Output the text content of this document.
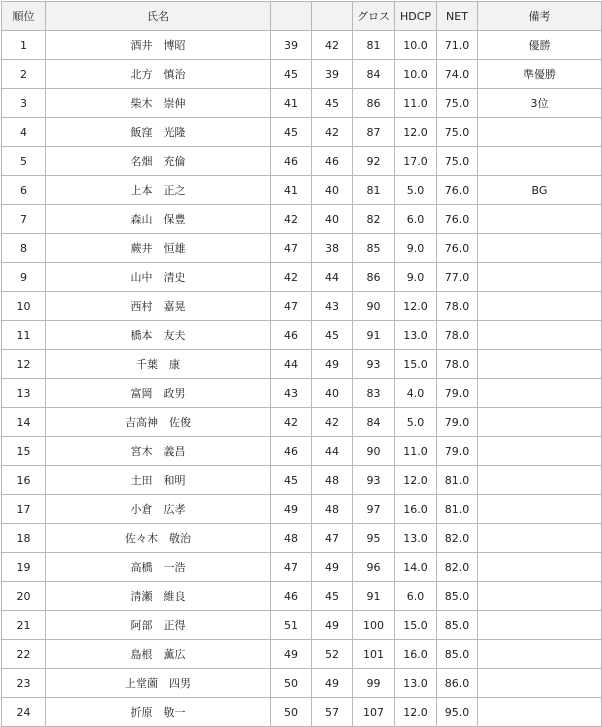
順位	氏名			グロス	HDCP	NET	備考
1	酒井　博昭	39	42	81	10.0	71.0	優勝
2	北方　慎治	45	39	84	10.0	74.0	準優勝
3	柴木　崇伸	41	45	86	11.0	75.0	3位
4	飯窪　光隆	45	42	87	12.0	75.0	
5	名畑　充倫	46	46	92	17.0	75.0	
6	上本　正之	41	40	81	5.0	76.0	BG
7	森山　保豊	42	40	82	6.0	76.0	
8	蕨井　恒雄	47	38	85	9.0	76.0	
9	山中　清史	42	44	86	9.0	77.0	
10	西村　嘉晃	47	43	90	12.0	78.0	
11	橋本　友夫	46	45	91	13.0	78.0	
12	千葉　康	44	49	93	15.0	78.0	
13	富岡　政男	43	40	83	4.0	79.0	
14	吉高神　佐俊	42	42	84	5.0	79.0	
15	宮木　義昌	46	44	90	11.0	79.0	
16	土田　和明	45	48	93	12.0	81.0	
17	小倉　広孝	49	48	97	16.0	81.0	
18	佐々木　敬治	48	47	95	13.0	82.0	
19	高橋　一浩	47	49	96	14.0	82.0	
20	清瀬　維良	46	45	91	6.0	85.0	
21	阿部　正得	51	49	100	15.0	85.0	
22	島根　薫広	49	52	101	16.0	85.0	
23	上堂薗　四男	50	49	99	13.0	86.0	
24	折原　敬一	50	57	107	12.0	95.0	
